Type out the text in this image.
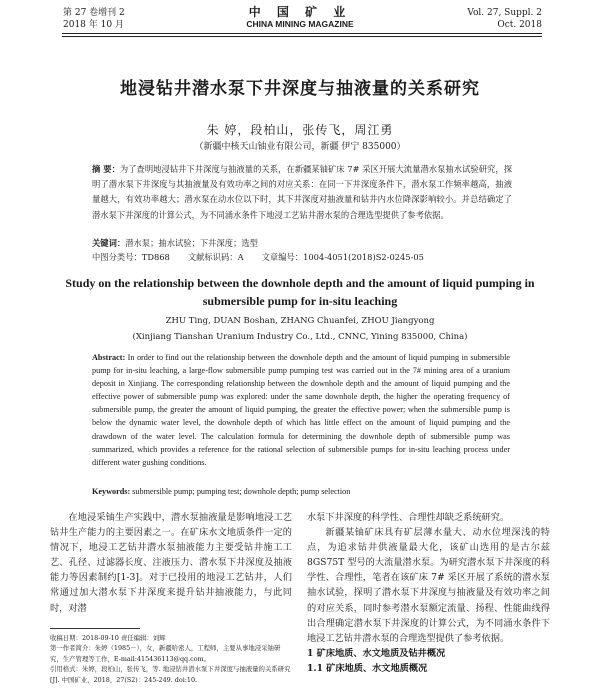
第 27 卷增刊 2
2018 年 10 月
中 国 矿 业
CHINA MINING MAGAZINE
Vol. 27, Suppl. 2
Oct. 2018
地浸钻井潜水泵下井深度与抽液量的关系研究
朱 婷，段柏山，张传飞，周江勇
（新疆中核天山铀业有限公司，新疆 伊宁 835000）
摘 要：为了查明地浸钻井下井深度与抽液量的关系，在新疆某铀矿床 7# 采区开展大流量潜水泵抽水试验研究，探明了潜水泵下井深度与其抽液量及有效功率之间的对应关系：在同一下井深度条件下，潜水泵工作频率越高，抽液量越大，有效功率越大；潜水泵在动水位以下时，其下井深度对抽液量和钻井内水位降深影响较小。并总结确定了潜水泵下井深度的计算公式，为不同涌水条件下地浸工艺钻井潜水泵的合理选型提供了参考依据。
关键词：潜水泵；抽水试验；下井深度；选型
中图分类号：TD868 文献标识码：A 文章编号：1004-4051(2018)S2-0245-05
Study on the relationship between the downhole depth and the amount of liquid pumping in submersible pump for in-situ leaching
ZHU Ting, DUAN Boshan, ZHANG Chuanfei, ZHOU Jiangyong
(Xinjiang Tianshan Uranium Industry Co., Ltd., CNNC, Yining 835000, China)
Abstract: In order to find out the relationship between the downhole depth and the amount of liquid pumping in submersible pump for in-situ leaching, a large-flow submersible pump pumping test was carried out in the 7# mining area of a uranium deposit in Xinjiang. The corresponding relationship between the downhole depth and the amount of liquid pumping and the effective power of submersible pump was explored: under the same downhole depth, the higher the operating frequency of submersible pump, the greater the amount of liquid pumping, the greater the effective power; when the submersible pump is below the dynamic water level, the downhole depth of which has little effect on the amount of liquid pumping and the drawdown of the water level. The calculation formula for determining the downhole depth of submersible pump was summarized, which provides a reference for the rational selection of submersible pumps for in-situ leaching process under different water gushing conditions.
Keywords: submersible pump; pumping test; downhole depth; pump selection
在地浸采铀生产实践中，潜水泵抽液量是影响地浸工艺钻井生产能力的主要因素之一。在矿床水文地质条件一定的情况下，地浸工艺钻井潜水泵抽液能力主要受钻井施工工艺、孔径、过滤器长度、注液压力、潜水泵下井深度及抽液能力等因素制约[1-3]。对于已投用的地浸工艺钻井，人们常通过加大潜水泵下井深度来提升钻井抽液能力，与此同时，对潜
收稿日期：2018-09-10 责任编辑：刘辉
第一作者简介：朱婷（1985－），女，新疆哈密人，工程师，主要从事地浸采铀研究，生产管理等工作，E-mail:415436113@qq.com。
引用格式：朱婷，段柏山，张传飞，等. 地浸钻井潜水泵下井深度与抽液量的关系研究[J]. 中国矿业，2018，27(S2)：245-249. doi:10.
水泵下井深度的科学性、合理性却缺乏系统研究。
新疆某铀矿床具有矿层薄水量大、动水位埋深浅的特点，为追求钻井供液量最大化，该矿山选用的是古尔兹 8GS75T 型号的大流量潜水泵。为研究潜水泵下井深度的科学性、合理性，笔者在该矿床 7# 采区开展了系统的潜水泵抽水试验，探明了潜水泵下井深度与抽液量及有效功率之间的对应关系，同时参考潜水泵额定流量、扬程、性能曲线得出合理确定潜水泵下井深度的计算公式，为不同涌水条件下地浸工艺钻井潜水泵的合理选型提供了参考依据。
1 矿床地质、水文地质及钻井概况
1.1 矿床地质、水文地质概况
